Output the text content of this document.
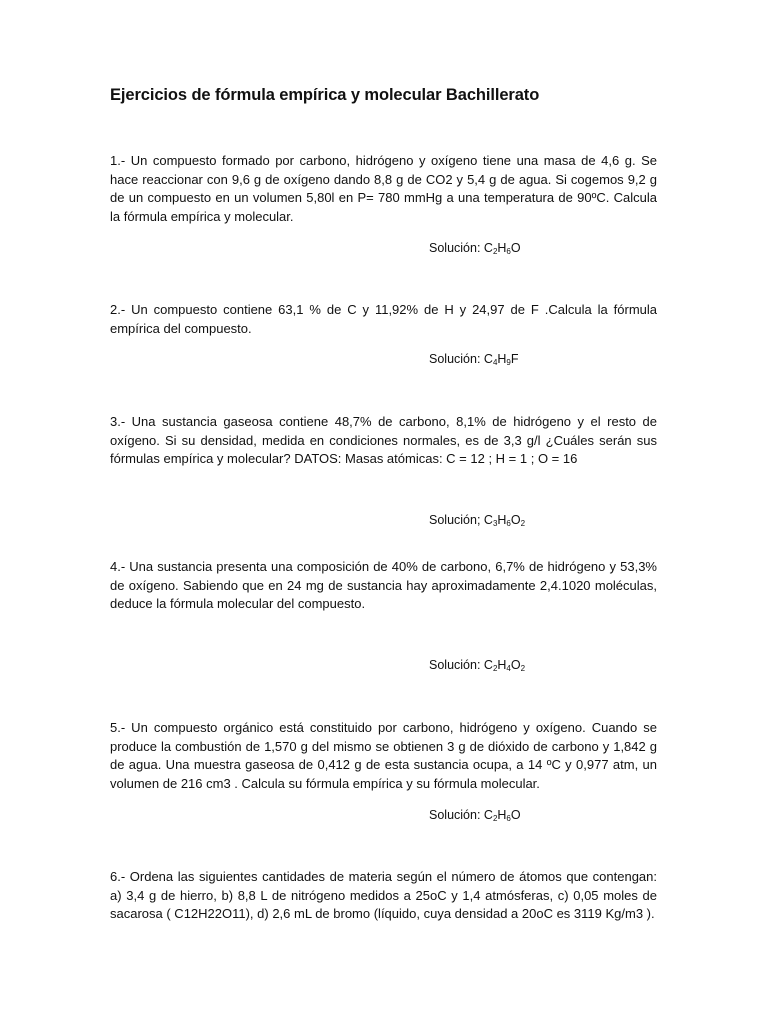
Ejercicios de fórmula empírica y molecular Bachillerato

1.- Un compuesto formado por carbono, hidrógeno y oxígeno tiene una masa de 4,6 g. Se hace reaccionar con 9,6 g de oxígeno dando 8,8 g de CO2 y 5,4 g de agua. Si cogemos 9,2 g de un compuesto en un volumen 5,80l en P= 780 mmHg a una temperatura de 90ºC. Calcula la fórmula empírica y molecular.

Solución: $C_2H_6O$

2.- Un compuesto contiene 63,1 % de C y 11,92% de H y 24,97 de F .Calcula la fórmula empírica del compuesto.

Solución: $C_4H_9F$

3.- Una sustancia gaseosa contiene 48,7% de carbono, 8,1% de hidrógeno y el resto de oxígeno. Si su densidad, medida en condiciones normales, es de 3,3 g/l ¿Cuáles serán sus fórmulas empírica y molecular? DATOS: Masas atómicas: C = 12 ; H = 1 ; O = 16

Solución; $C_3H_6O_2$

4.- Una sustancia presenta una composición de 40% de carbono, 6,7% de hidrógeno y 53,3% de oxígeno. Sabiendo que en 24 mg de sustancia hay aproximadamente 2,4.1020 moléculas, deduce la fórmula molecular del compuesto.

Solución: $C_2H_4O_2$

5.- Un compuesto orgánico está constituido por carbono, hidrógeno y oxígeno. Cuando se produce la combustión de 1,570 g del mismo se obtienen 3 g de dióxido de carbono y 1,842 g de agua. Una muestra gaseosa de 0,412 g de esta sustancia ocupa, a 14 ºC y 0,977 atm, un volumen de 216 cm3 . Calcula su fórmula empírica y su fórmula molecular.

Solución: $C_2H_6O$

6.- Ordena las siguientes cantidades de materia según el número de átomos que contengan: a) 3,4 g de hierro, b) 8,8 L de nitrógeno medidos a 25oC y 1,4 atmósferas, c) 0,05 moles de sacarosa ( C12H22O11), d) 2,6 mL de bromo (líquido, cuya densidad a 20oC es 3119 Kg/m3 ).
